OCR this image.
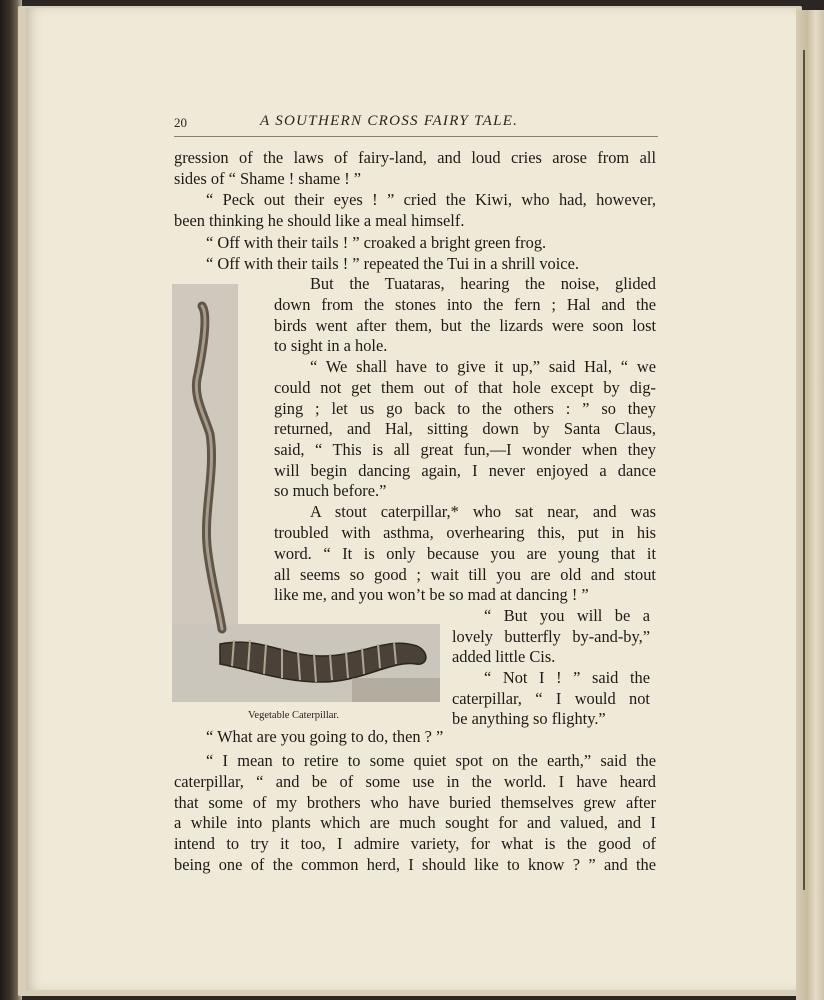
20	A SOUTHERN CROSS FAIRY TALE.
gression of the laws of fairy-land, and loud cries arose from all
sides of “ Shame ! shame ! ”
“ Peck out their eyes ! ” cried the Kiwi, who had, however,
been thinking he should like a meal himself.
“ Off with their tails ! ” croaked a bright green frog.
“ Off with their tails ! ” repeated the Tui in a shrill voice.
But the Tuataras, hearing the noise, glided
down from the stones into the fern ; Hal and the
birds went after them, but the lizards were soon lost
to sight in a hole.
“ We shall have to give it up,” said Hal, “ we
could not get them out of that hole except by dig-
ging ; let us go back to the others : ” so they
returned, and Hal, sitting down by Santa Claus,
said, “ This is all great fun,—I wonder when they
will begin dancing again, I never enjoyed a dance
so much before.”
A stout caterpillar,* who sat near, and was
troubled with asthma, overhearing this, put in his
word. “ It is only because you are young that it
all seems so good ; wait till you are old and stout
like me, and you won’t be so mad at dancing ! ”
“ But you will be a
lovely butterfly by-and-by,”
added little Cis.
“ Not I ! ” said the
caterpillar, “ I would not
be anything so flighty.”
“ What are you going to do, then ? ”
“ I mean to retire to some quiet spot on the earth,” said the
caterpillar, “ and be of some use in the world. I have heard
that some of my brothers who have buried themselves grew after
a while into plants which are much sought for and valued, and I
intend to try it too, I admire variety, for what is the good of
being one of the common herd, I should like to know ? ” and the
Vegetable Caterpillar.
